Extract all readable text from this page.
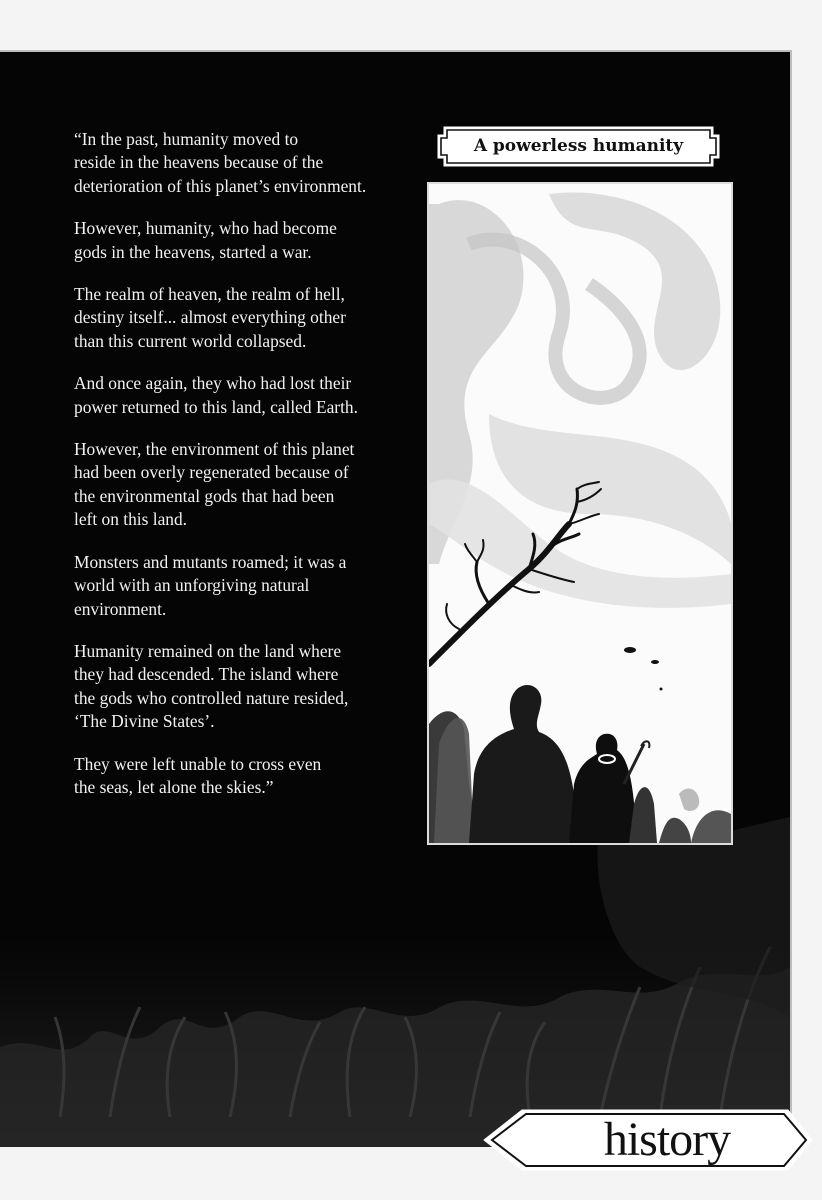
“In the past, humanity moved to
reside in the heavens because of the
deterioration of this planet’s environment.

However, humanity, who had become
gods in the heavens, started a war.

The realm of heaven, the realm of hell,
destiny itself... almost everything other
than this current world collapsed.

And once again, they who had lost their
power returned to this land, called Earth.

However, the environment of this planet
had been overly regenerated because of
the environmental gods that had been
left on this land.

Monsters and mutants roamed; it was a
world with an unforgiving natural
environment.

Humanity remained on the land where
they had descended. The island where
the gods who controlled nature resided,
‘The Divine States’.

They were left unable to cross even
the seas, let alone the skies.”

A powerless humanity
history
